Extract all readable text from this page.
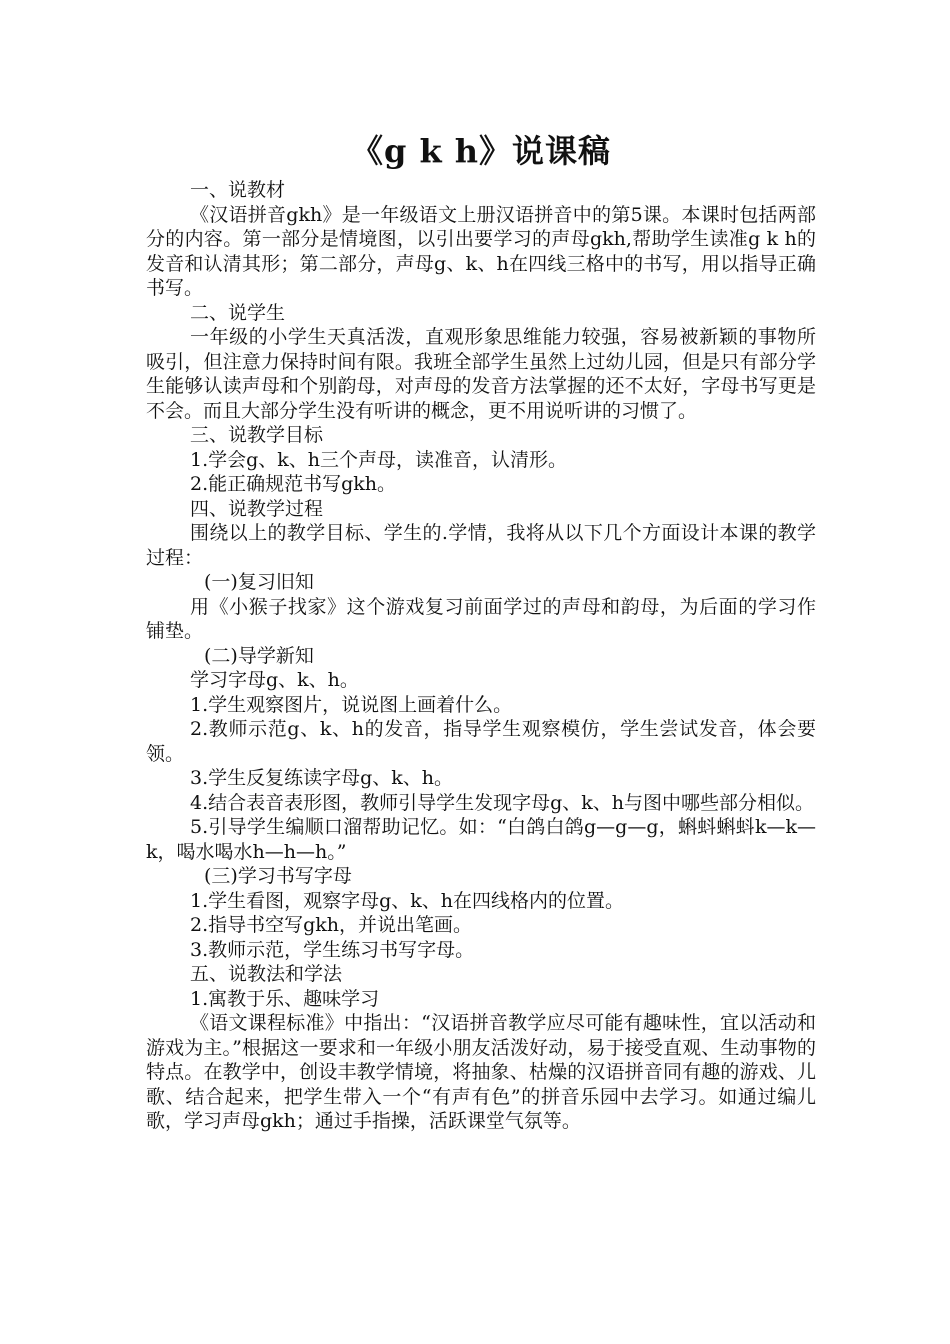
《g k h》说课稿

一、说教材

《汉语拼音gkh》是一年级语文上册汉语拼音中的第5课。本课时包括两部分的内容。第一部分是情境图，以引出要学习的声母gkh,帮助学生读准g k h的发音和认清其形；第二部分，声母g、k、h在四线三格中的书写，用以指导正确书写。

二、说学生

一年级的小学生天真活泼，直观形象思维能力较强，容易被新颖的事物所吸引，但注意力保持时间有限。我班全部学生虽然上过幼儿园，但是只有部分学生能够认读声母和个别韵母，对声母的发音方法掌握的还不太好，字母书写更是不会。而且大部分学生没有听讲的概念，更不用说听讲的习惯了。

三、说教学目标

1.学会g、k、h三个声母，读准音，认清形。

2.能正确规范书写gkh。

四、说教学过程

围绕以上的教学目标、学生的.学情，我将从以下几个方面设计本课的教学过程：

(一)复习旧知

用《小猴子找家》这个游戏复习前面学过的声母和韵母，为后面的学习作铺垫。

(二)导学新知

学习字母g、k、h。

1.学生观察图片，说说图上画着什么。

2.教师示范g、k、h的发音，指导学生观察模仿，学生尝试发音，体会要领。

3.学生反复练读字母g、k、h。

4.结合表音表形图，教师引导学生发现字母g、k、h与图中哪些部分相似。

5.引导学生编顺口溜帮助记忆。如：“白鸽白鸽g—g—g，蝌蚪蝌蚪k—k—k，喝水喝水h—h—h。”

(三)学习书写字母

1.学生看图，观察字母g、k、h在四线格内的位置。

2.指导书空写gkh，并说出笔画。

3.教师示范，学生练习书写字母。

五、说教法和学法

1.寓教于乐、趣味学习

《语文课程标准》中指出：“汉语拼音教学应尽可能有趣味性，宜以活动和游戏为主。”根据这一要求和一年级小朋友活泼好动，易于接受直观、生动事物的特点。在教学中，创设丰教学情境，将抽象、枯燥的汉语拼音同有趣的游戏、儿歌、结合起来，把学生带入一个“有声有色”的拼音乐园中去学习。如通过编儿歌，学习声母gkh；通过手指操，活跃课堂气氛等。
